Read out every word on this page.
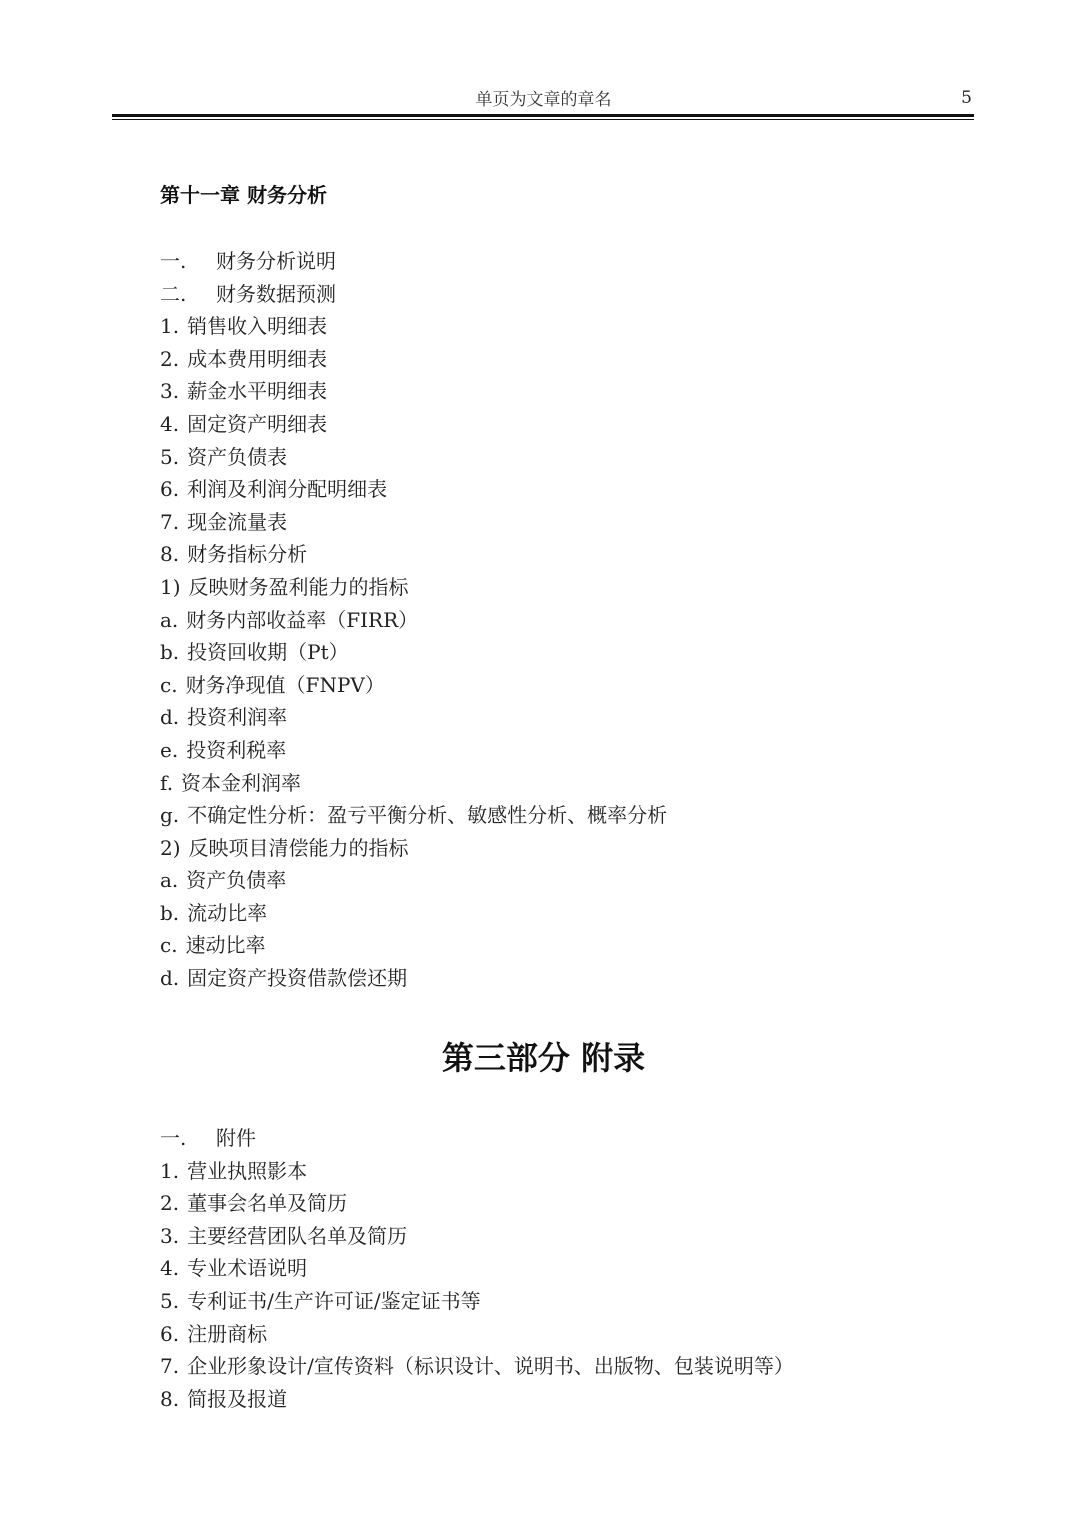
单页为文章的章名	5
第十一章 财务分析
一. 财务分析说明
二. 财务数据预测
1. 销售收入明细表
2. 成本费用明细表
3. 薪金水平明细表
4. 固定资产明细表
5. 资产负债表
6. 利润及利润分配明细表
7. 现金流量表
8. 财务指标分析
1) 反映财务盈利能力的指标
a. 财务内部收益率（FIRR）
b. 投资回收期（Pt）
c. 财务净现值（FNPV）
d. 投资利润率
e. 投资利税率
f. 资本金利润率
g. 不确定性分析：盈亏平衡分析、敏感性分析、概率分析
2) 反映项目清偿能力的指标
a. 资产负债率
b. 流动比率
c. 速动比率
d. 固定资产投资借款偿还期
第三部分 附录
一. 附件
1. 营业执照影本
2. 董事会名单及简历
3. 主要经营团队名单及简历
4. 专业术语说明
5. 专利证书/生产许可证/鉴定证书等
6. 注册商标
7. 企业形象设计/宣传资料（标识设计、说明书、出版物、包装说明等）
8. 简报及报道
